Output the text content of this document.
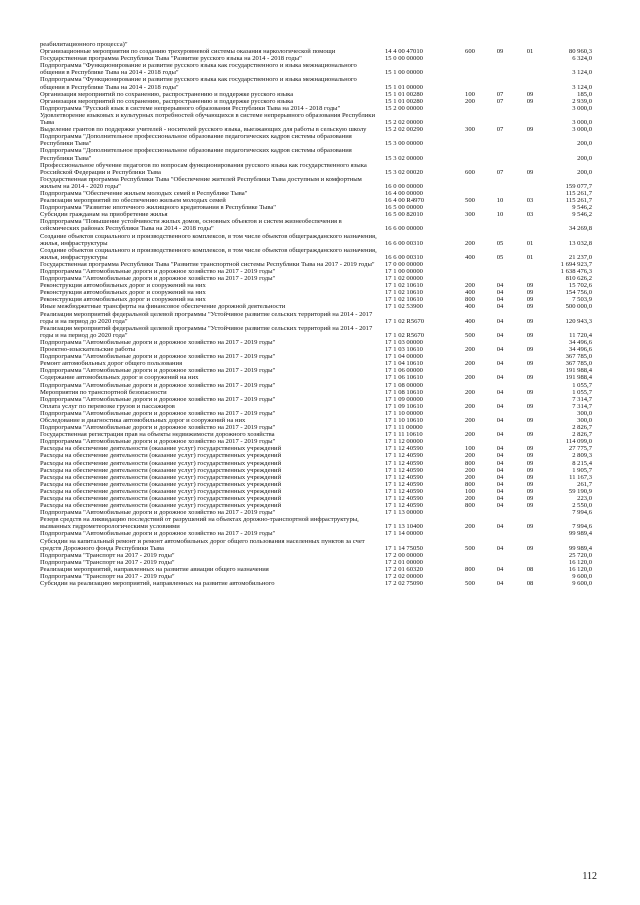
реабилитационного процесса)"
Организационные мероприятия по созданию трехуровневой системы оказания наркологической помощи	14 4 00 47010	600	09	01	80 960,3
Государственная программа Республики Тыва "Развитие русского языка на 2014 - 2018 годы"	15 0 00 00000	6 324,0
Подпрограмма "Функционирование и развитие русского языка как государственного и языка межнационального общения в Республике Тыва на 2014 - 2018 годы"	15 1 00 00000	3 124,0
Подпрограмма "Функционирование и развитие русского языка как государственного и языка межнационального общения в Республике Тыва на 2014 - 2018 годы"	15 1 01 00000	3 124,0
Организация мероприятий по сохранению, распространению и поддержке русского языка	15 1 01 00280	100	07	09	185,0
Организация мероприятий по сохранению, распространению и поддержке русского языка	15 1 01 00280	200	07	09	2 939,0
Подпрограмма "Русский язык в системе непрерывного образования Республики Тыва на 2014 - 2018 годы"	15 2 00 00000	3 000,0
Удовлетворение языковых и культурных потребностей обучающихся в системе непрерывного образования Республики Тыва	15 2 02 00000	3 000,0
Выделение грантов по поддержке учителей - носителей русского языка, выезжающих для работы в сельскую школу	15 2 02 00290	300	07	09	3 000,0
Подпрограмма "Дополнительное профессиональное образование педагогических кадров системы образования Республики Тыва"	15 3 00 00000	200,0
Подпрограмма "Дополнительное профессиональное образование педагогических кадров системы образования Республики Тыва"	15 3 02 00000	200,0
Профессиональное обучение педагогов по вопросам функционирования русского языка как государственного языка Российской Федерации и Республики Тыва	15 3 02 00020	600	07	09	200,0
Государственная программа Республики Тыва "Обеспечение жителей Республики Тыва доступным и комфортным жильем на 2014 - 2020 годы"	16 0 00 00000	159 077,7
Подпрограмма "Обеспечение жильем молодых семей в Республике Тыва"	16 4 00 00000	115 261,7
Реализация мероприятий по обеспечению жильем молодых семей	16 4 00 R4970	500	10	03	115 261,7
Подпрограмма "Развитие ипотечного жилищного кредитования в Республике Тыва"	16 5 00 00000	9 546,2
Субсидии гражданам на приобретение жилья	16 5 00 82010	300	10	03	9 546,2
Подпрограмма "Повышение устойчивости жилых домов, основных объектов и систем жизнеобеспечения в сейсмических районах Республики Тыва на 2014 - 2018 годы"	16 6 00 00000	34 269,8
Создание объектов социального и производственного комплексов, в том числе объектов общегражданского назначения, жилья, инфраструктуры	16 6 00 00310	200	05	01	13 032,8
Создание объектов социального и производственного комплексов, в том числе объектов общегражданского назначения, жилья, инфраструктуры	16 6 00 00310	400	05	01	21 237,0
Государственная программа Республики Тыва "Развитие транспортной системы Республики Тыва на 2017 - 2019 годы"	17 0 00 00000	1 694 923,7
Подпрограмма "Автомобильные дороги и дорожное хозяйство на 2017 - 2019 годы"	17 1 00 00000	1 638 476,3
Подпрограмма "Автомобильные дороги и дорожное хозяйство на 2017 - 2019 годы"	17 1 02 00000	810 626,2
Реконструкция автомобильных дорог и сооружений на них	17 1 02 10610	200	04	09	15 702,6
Реконструкция автомобильных дорог и сооружений на них	17 1 02 10610	400	04	09	154 756,0
Реконструкция автомобильных дорог и сооружений на них	17 1 02 10610	800	04	09	7 503,9
Иные межбюджетные трансферты на финансовое обеспечение дорожной деятельности	17 1 02 53900	400	04	09	500 000,0
Реализация мероприятий федеральной целевой программы "Устойчивое развитие сельских территорий на 2014 - 2017 годы и на период до 2020 года"	17 1 02 R5670	400	04	09	120 943,3
Реализация мероприятий федеральной целевой программы "Устойчивое развитие сельских территорий на 2014 - 2017 годы и на период до 2020 года"	17 1 02 R5670	500	04	09	11 720,4
Подпрограмма "Автомобильные дороги и дорожное хозяйство на 2017 - 2019 годы"	17 1 03 00000	34 496,6
Проектно-изыскательские работы	17 1 03 10610	200	04	09	34 496,6
Подпрограмма "Автомобильные дороги и дорожное хозяйство на 2017 - 2019 годы"	17 1 04 00000	367 785,0
Ремонт автомобильных дорог общего пользования	17 1 04 10610	200	04	09	367 785,0
Подпрограмма "Автомобильные дороги и дорожное хозяйство на 2017 - 2019 годы"	17 1 06 00000	191 988,4
Содержание автомобильных дорог и сооружений на них	17 1 06 10610	200	04	09	191 988,4
Подпрограмма "Автомобильные дороги и дорожное хозяйство на 2017 - 2019 годы"	17 1 08 00000	1 055,7
Мероприятия по транспортной безопасности	17 1 08 10610	200	04	09	1 055,7
Подпрограмма "Автомобильные дороги и дорожное хозяйство на 2017 - 2019 годы"	17 1 09 00000	7 314,7
Оплата услуг по перевозке грузов и пассажиров	17 1 09 10610	200	04	09	7 314,7
Подпрограмма "Автомобильные дороги и дорожное хозяйство на 2017 - 2019 годы"	17 1 10 00000	300,0
Обследование и диагностика автомобильных дорог и сооружений на них	17 1 10 10610	200	04	09	300,0
Подпрограмма "Автомобильные дороги и дорожное хозяйство на 2017 - 2019 годы"	17 1 11 00000	2 826,7
Государственная регистрация прав на объекты недвижимости дорожного хозяйства	17 1 11 10610	200	04	09	2 826,7
Подпрограмма "Автомобильные дороги и дорожное хозяйство на 2017 - 2019 годы"	17 1 12 00000	114 099,0
Расходы на обеспечение деятельности (оказание услуг) государственных учреждений	17 1 12 40590	100	04	09	27 775,7
Расходы на обеспечение деятельности (оказание услуг) государственных учреждений	17 1 12 40590	200	04	09	2 809,3
Расходы на обеспечение деятельности (оказание услуг) государственных учреждений	17 1 12 40590	800	04	09	8 215,4
Расходы на обеспечение деятельности (оказание услуг) государственных учреждений	17 1 12 40590	200	04	09	1 905,7
Расходы на обеспечение деятельности (оказание услуг) государственных учреждений	17 1 12 40590	200	04	09	11 167,3
Расходы на обеспечение деятельности (оказание услуг) государственных учреждений	17 1 12 40590	800	04	09	261,7
Расходы на обеспечение деятельности (оказание услуг) государственных учреждений	17 1 12 40590	100	04	09	59 190,9
Расходы на обеспечение деятельности (оказание услуг) государственных учреждений	17 1 12 40590	200	04	09	223,0
Расходы на обеспечение деятельности (оказание услуг) государственных учреждений	17 1 12 40590	800	04	09	2 550,0
Подпрограмма "Автомобильные дороги и дорожное хозяйство на 2017 - 2019 годы"	17 1 13 00000	7 994,6
Резерв средств на ликвидацию последствий от разрушений на объектах дорожно-транспортной инфраструктуры, вызванных гидрометеорологическими условиями	17 1 13 10400	200	04	09	7 994,6
Подпрограмма "Автомобильные дороги и дорожное хозяйство на 2017 - 2019 годы"	17 1 14 00000	99 989,4
Субсидии на капитальный ремонт и ремонт автомобильных дорог общего пользования населенных пунктов за счет средств Дорожного фонда Республики Тыва	17 1 14 75050	500	04	09	99 989,4
Подпрограмма "Транспорт на 2017 - 2019 годы"	17 2 00 00000	25 720,0
Подпрограмма "Транспорт на 2017 - 2019 годы"	17 2 01 00000	16 120,0
Реализация мероприятий, направленных на развитие авиации общего назначения	17 2 01 60320	800	04	08	16 120,0
Подпрограмма "Транспорт на 2017 - 2019 годы"	17 2 02 00000	9 600,0
Субсидии на реализацию мероприятий, направленных на развитие автомобильного	17 2 02 75090	500	04	08	9 600,0
112
